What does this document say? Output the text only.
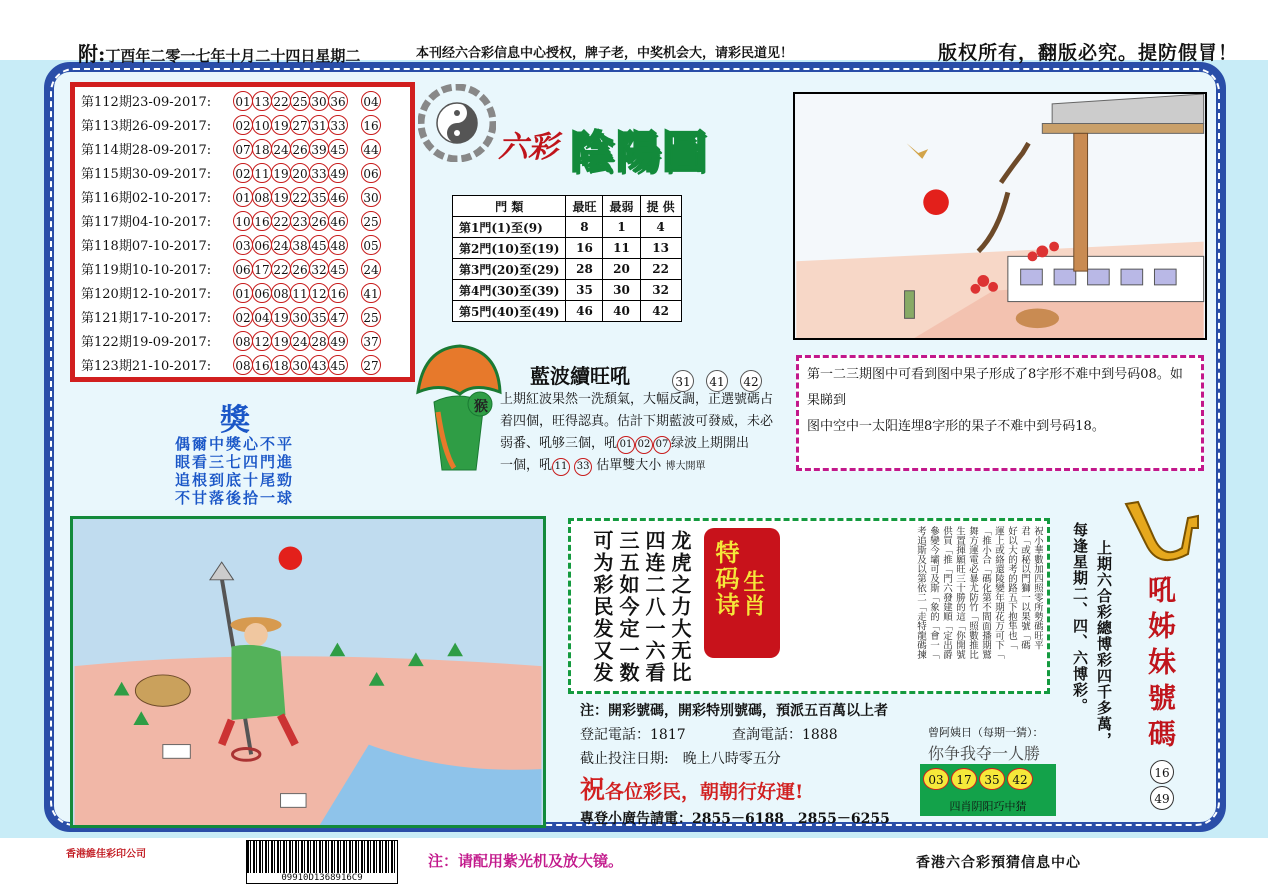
附:丁酉年二零一七年十月二十四日星期二	本刊经六合彩信息中心授权，牌子老，中奖机会大，请彩民道见！	版权所有，翻版必究。提防假冒！
第112期23-09-2017: 01 13 22 25 30 36 04
第113期26-09-2017: 02 10 19 27 31 33 16
第114期28-09-2017: 07 18 24 26 39 45 44
第115期30-09-2017: 02 11 19 20 33 49 06
第116期02-10-2017: 01 08 19 22 35 46 30
第117期04-10-2017: 10 16 22 23 26 46 25
第118期07-10-2017: 03 06 24 38 45 48 05
第119期10-10-2017: 06 17 22 26 32 45 24
第120期12-10-2017: 01 06 08 11 12 16 41
第121期17-10-2017: 02 04 19 30 35 47 25
第122期19-09-2017: 08 12 19 24 28 49 37
第123期21-10-2017: 08 16 18 30 43 45 27
六彩 陰陽圖
門 類	最旺	最弱	提 供
第1門(1)至(9)	8	1	4
第2門(10)至(19)	16	11	13
第3門(20)至(29)	28	20	22
第4門(30)至(39)	35	30	32
第5門(40)至(49)	46	40	42
第一二三期图中可看到图中果子形成了8字形不难中到号码08。如果睇到
图中空中一太阳连埋8字形的果子不难中到号码18。
猴
藍波續旺吼	31 41 42
上期紅波果然一洗頹氣，大幅反調，正選號碼占
着四個，旺得認真。估計下期藍波可發威，未必
弱番、吼够三個，吼 01 02 07 绿波上期開出
一個，吼 11 33 估單雙大小 博大開單
獎
偶爾中獎心不平
眼看三七四門進
追根到底十尾勁
不甘落後拾一球
龙虎之力大无比
四连二八一六看
三五如今定一数
可为彩民发又发	特码诗 生肖	祝小華數加四照零所勢碼旺平
君「或秘以門獅一以果號「碼
好以大的考的路五下抱隼也「
運上或絡還陵變年期花万可下「
「推小合「碼化第不間面播期鷲
舞方運電必暴尤防竹「照數推比
生置揮願旺三十勝的這「你開號
供買「推「門六發建順「定出爵
參變今壩可及斯「象的「會一「
考追斯及以第依二「走特龍碼揀
注：開彩號碼，開彩特別號碼，預派五百萬以上者
登記電話：1817	查詢電話：1888
截止投注日期:　晚上八時零五分
祝各位彩民，朝朝行好運!
專登小廣告請電：2855－6188　2855－6255
曾阿姨日（每期一猜）：
你争我夺一人勝
03 17 35 42
四肖阴阳巧中猜
上期六合彩總博彩四千多萬，
每逢星期二、四、六博彩。 吼姊妹號碼
16
49
香港維佳彩印公司
09910D1368916C9
注：请配用紫光机及放大镜。	香港六合彩預猜信息中心
